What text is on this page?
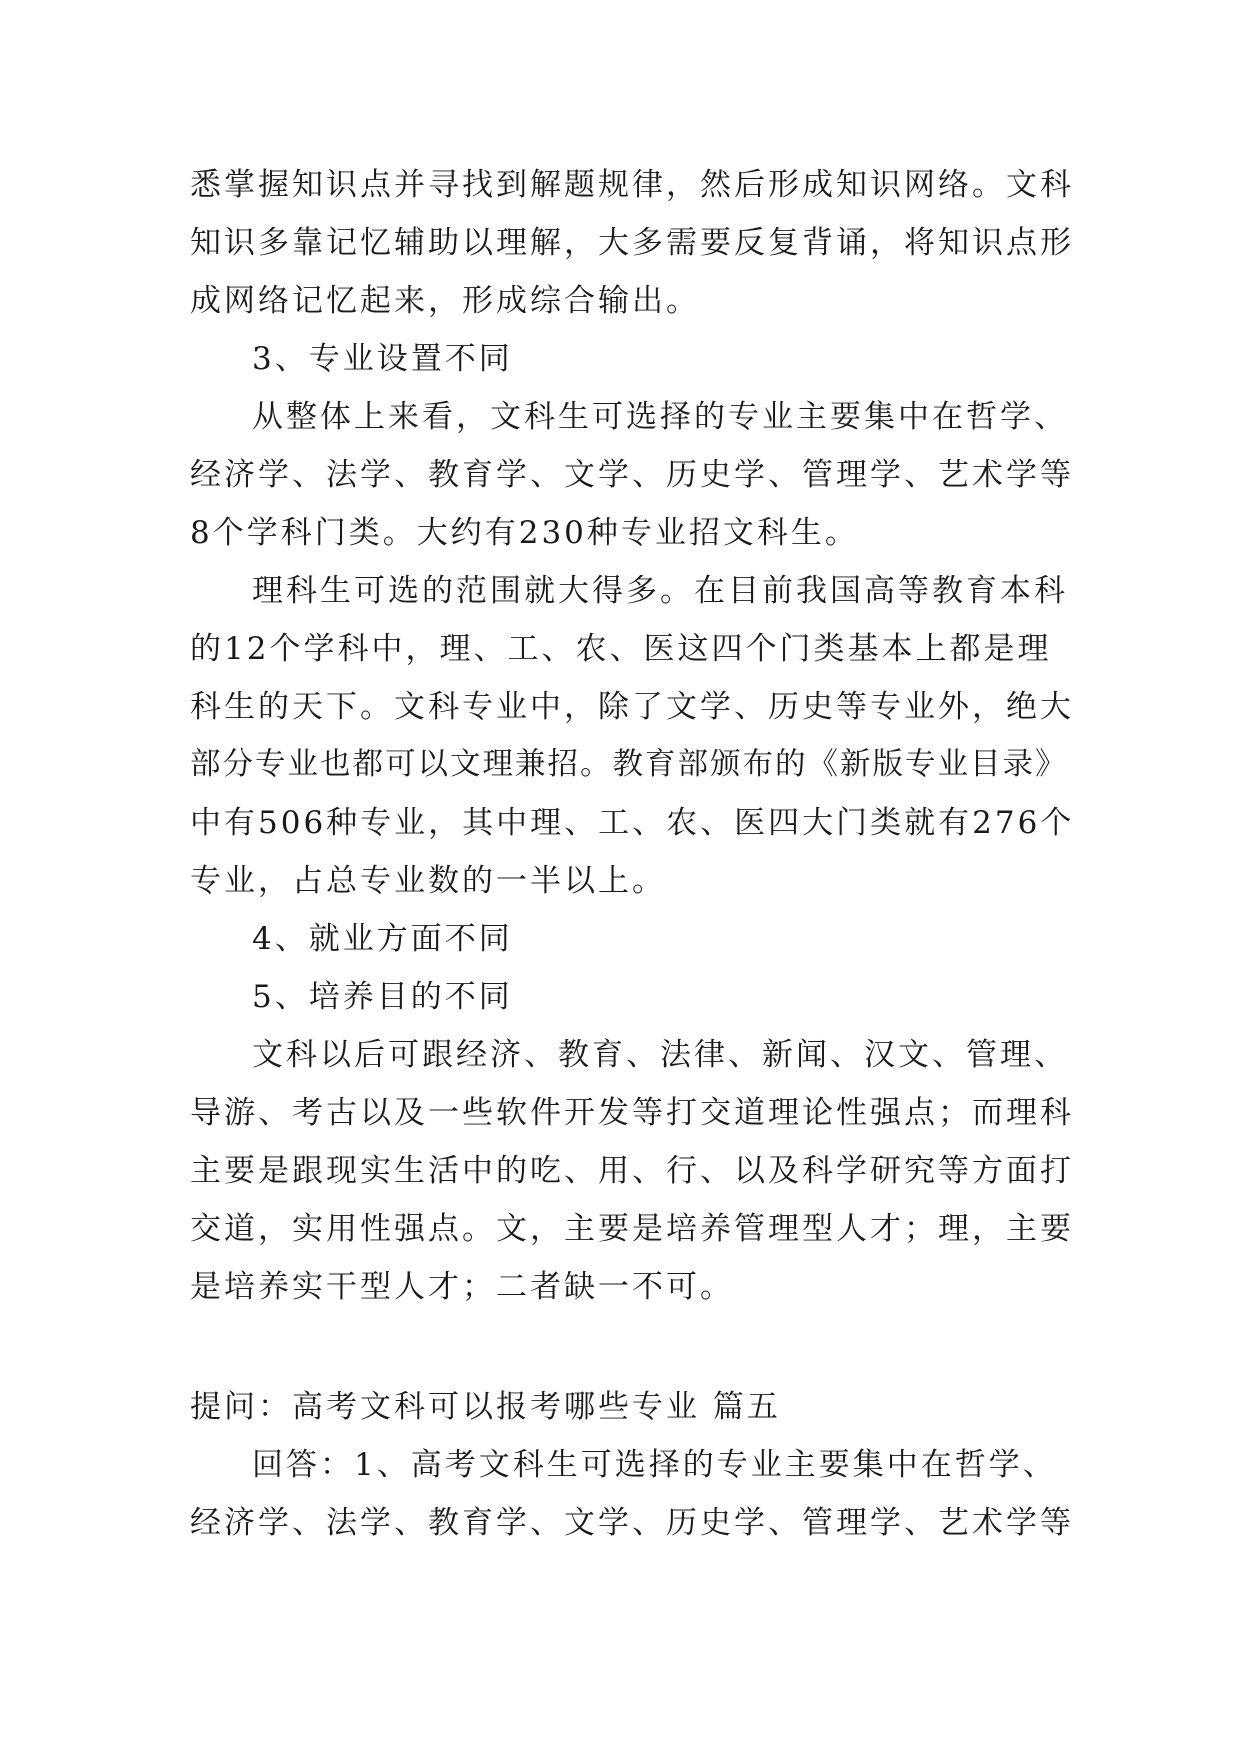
悉掌握知识点并寻找到解题规律，然后形成知识网络。文科
知识多靠记忆辅助以理解，大多需要反复背诵，将知识点形
成网络记忆起来，形成综合输出。
3、专业设置不同
从整体上来看，文科生可选择的专业主要集中在哲学、
经济学、法学、教育学、文学、历史学、管理学、艺术学等
8个学科门类。大约有230种专业招文科生。
理科生可选的范围就大得多。在目前我国高等教育本科
的12个学科中，理、工、农、医这四个门类基本上都是理
科生的天下。文科专业中，除了文学、历史等专业外，绝大
部分专业也都可以文理兼招。教育部颁布的《新版专业目录》
中有506种专业，其中理、工、农、医四大门类就有276个
专业，占总专业数的一半以上。
4、就业方面不同
5、培养目的不同
文科以后可跟经济、教育、法律、新闻、汉文、管理、
导游、考古以及一些软件开发等打交道理论性强点；而理科
主要是跟现实生活中的吃、用、行、以及科学研究等方面打
交道，实用性强点。文，主要是培养管理型人才；理，主要
是培养实干型人才；二者缺一不可。
提问：高考文科可以报考哪些专业 篇五
回答：1、高考文科生可选择的专业主要集中在哲学、
经济学、法学、教育学、文学、历史学、管理学、艺术学等
